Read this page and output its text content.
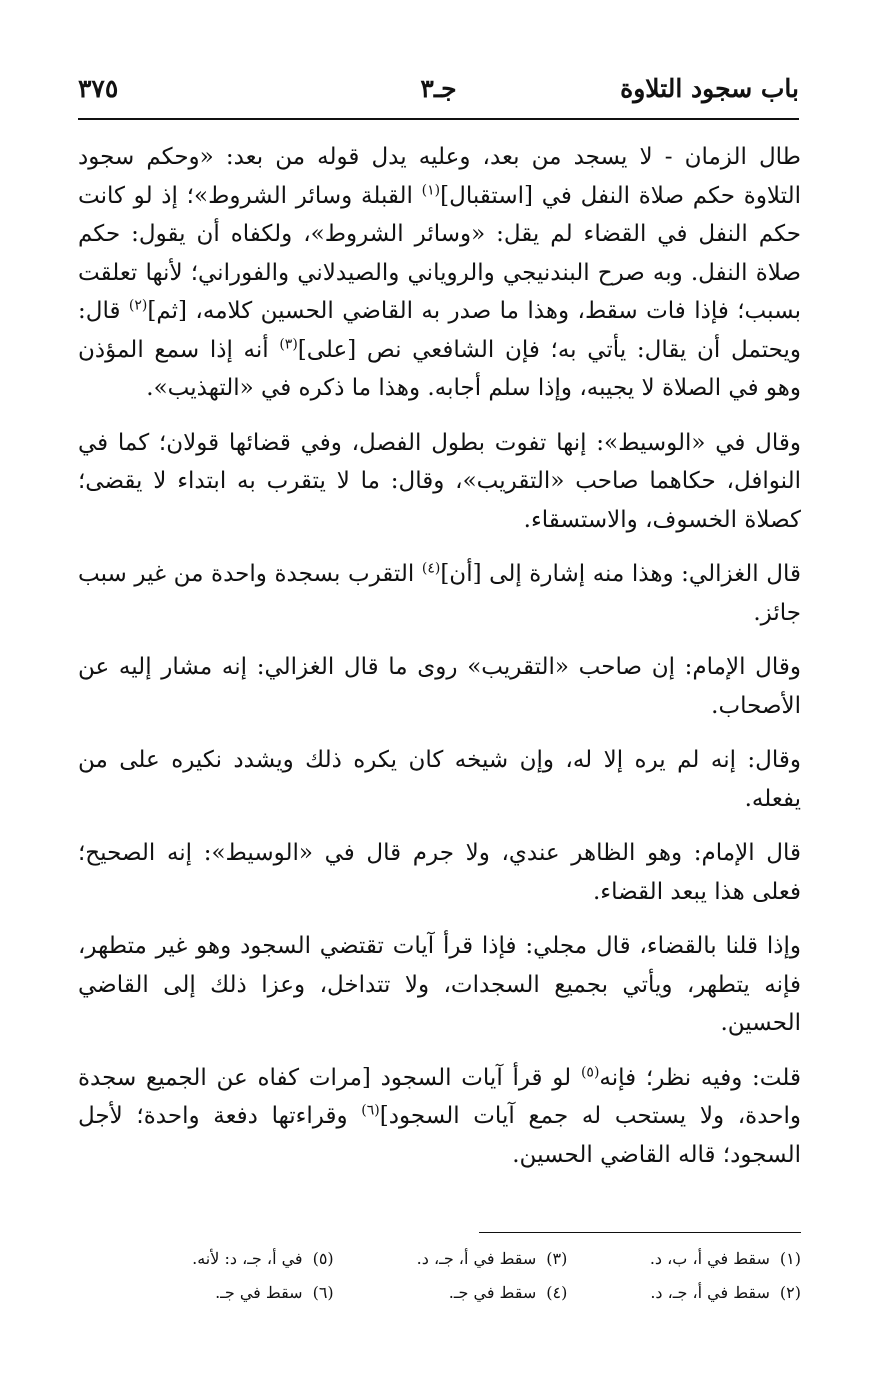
باب سجود التلاوة
جـ٣
٣٧٥

طال الزمان - لا يسجد من بعد، وعليه يدل قوله من بعد: «وحكم سجود التلاوة حكم صلاة النفل في [استقبال]$^{(١)}$ القبلة وسائر الشروط»؛ إذ لو كانت حكم النفل في القضاء لم يقل: «وسائر الشروط»، ولكفاه أن يقول: حكم صلاة النفل. وبه صرح البندنيجي والروياني والصيدلاني والفوراني؛ لأنها تعلقت بسبب؛ فإذا فات سقط، وهذا ما صدر به القاضي الحسين كلامه، [ثم]$^{(٢)}$ قال: ويحتمل أن يقال: يأتي به؛ فإن الشافعي نص [على]$^{(٣)}$ أنه إذا سمع المؤذن وهو في الصلاة لا يجيبه، وإذا سلم أجابه. وهذا ما ذكره في «التهذيب».

وقال في «الوسيط»: إنها تفوت بطول الفصل، وفي قضائها قولان؛ كما في النوافل، حكاهما صاحب «التقريب»، وقال: ما لا يتقرب به ابتداء لا يقضى؛ كصلاة الخسوف، والاستسقاء.

قال الغزالي: وهذا منه إشارة إلى [أن]$^{(٤)}$ التقرب بسجدة واحدة من غير سبب جائز.

وقال الإمام: إن صاحب «التقريب» روى ما قال الغزالي: إنه مشار إليه عن الأصحاب.

وقال: إنه لم يره إلا له، وإن شيخه كان يكره ذلك ويشدد نكيره على من يفعله.

قال الإمام: وهو الظاهر عندي، ولا جرم قال في «الوسيط»: إنه الصحيح؛ فعلى هذا يبعد القضاء.

وإذا قلنا بالقضاء، قال مجلي: فإذا قرأ آيات تقتضي السجود وهو غير متطهر، فإنه يتطهر، ويأتي بجميع السجدات، ولا تتداخل، وعزا ذلك إلى القاضي الحسين.

قلت: وفيه نظر؛ فإنه$^{(٥)}$ لو قرأ آيات السجود [مرات كفاه عن الجميع سجدة واحدة، ولا يستحب له جمع آيات السجود]$^{(٦)}$ وقراءتها دفعة واحدة؛ لأجل السجود؛ قاله القاضي الحسين.

(١)سقط في أ، ب، د.
(٢)سقط في أ، جـ، د.
(٣)سقط في أ، جـ، د.
(٤)سقط في جـ.
(٥)في أ، جـ، د: لأنه.
(٦)سقط في جـ.
